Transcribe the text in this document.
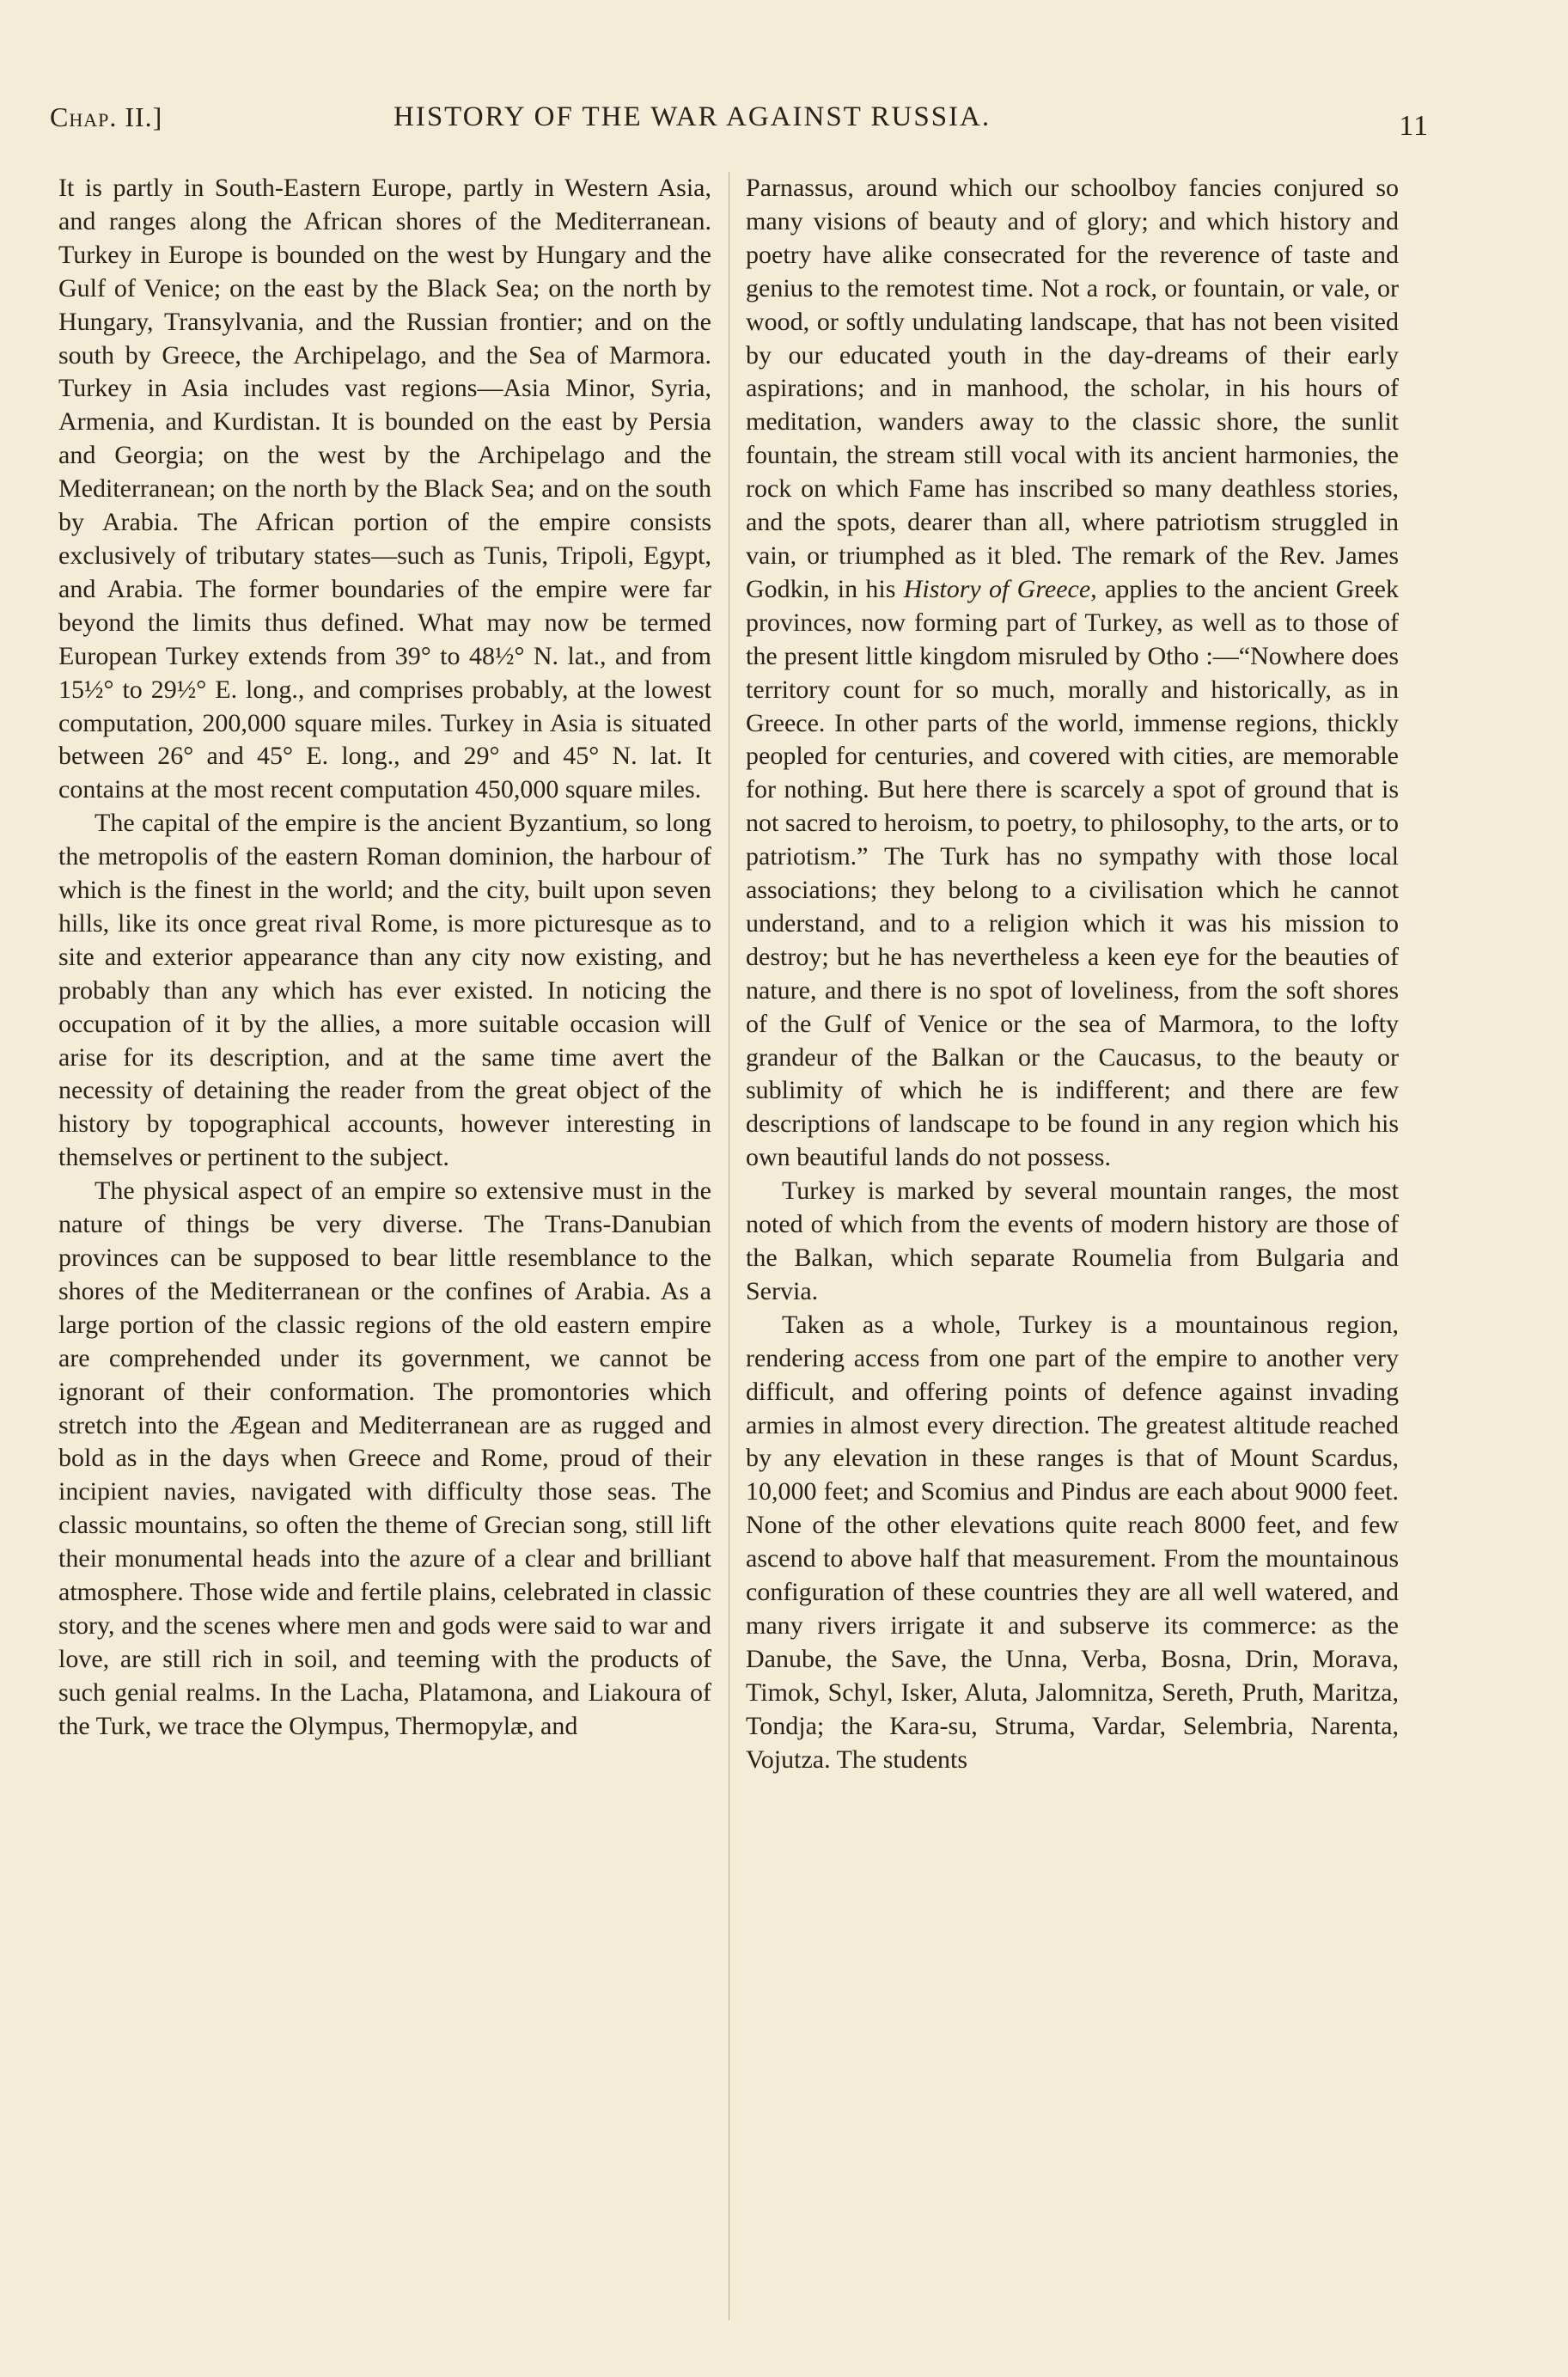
Chap. II.]	HISTORY OF THE WAR AGAINST RUSSIA.	11

It is partly in South-Eastern Europe, partly in Western Asia, and ranges along the African shores of the Mediterranean. Turkey in Europe is bounded on the west by Hungary and the Gulf of Venice; on the east by the Black Sea; on the north by Hungary, Transylvania, and the Russian frontier; and on the south by Greece, the Archipelago, and the Sea of Marmora. Turkey in Asia includes vast regions—Asia Minor, Syria, Armenia, and Kurdistan. It is bounded on the east by Persia and Georgia; on the west by the Archipelago and the Mediterranean; on the north by the Black Sea; and on the south by Arabia. The African portion of the empire consists exclusively of tributary states—such as Tunis, Tripoli, Egypt, and Arabia. The former boundaries of the empire were far beyond the limits thus defined. What may now be termed European Turkey extends from 39° to 48½° N. lat., and from 15½° to 29½° E. long., and comprises probably, at the lowest computation, 200,000 square miles. Turkey in Asia is situated between 26° and 45° E. long., and 29° and 45° N. lat. It contains at the most recent computation 450,000 square miles.

The capital of the empire is the ancient Byzantium, so long the metropolis of the eastern Roman dominion, the harbour of which is the finest in the world; and the city, built upon seven hills, like its once great rival Rome, is more picturesque as to site and exterior appearance than any city now existing, and probably than any which has ever existed. In noticing the occupation of it by the allies, a more suitable occasion will arise for its description, and at the same time avert the necessity of detaining the reader from the great object of the history by topographical accounts, however interesting in themselves or pertinent to the subject.

The physical aspect of an empire so extensive must in the nature of things be very diverse. The Trans-Danubian provinces can be supposed to bear little resemblance to the shores of the Mediterranean or the confines of Arabia. As a large portion of the classic regions of the old eastern empire are comprehended under its government, we cannot be ignorant of their conformation. The promontories which stretch into the Ægean and Mediterranean are as rugged and bold as in the days when Greece and Rome, proud of their incipient navies, navigated with difficulty those seas. The classic mountains, so often the theme of Grecian song, still lift their monumental heads into the azure of a clear and brilliant atmosphere. Those wide and fertile plains, celebrated in classic story, and the scenes where men and gods were said to war and love, are still rich in soil, and teeming with the products of such genial realms. In the Lacha, Platamona, and Liakoura of the Turk, we trace the Olympus, Thermopylæ, and

Parnassus, around which our schoolboy fancies conjured so many visions of beauty and of glory; and which history and poetry have alike consecrated for the reverence of taste and genius to the remotest time. Not a rock, or fountain, or vale, or wood, or softly undulating landscape, that has not been visited by our educated youth in the day-dreams of their early aspirations; and in manhood, the scholar, in his hours of meditation, wanders away to the classic shore, the sunlit fountain, the stream still vocal with its ancient harmonies, the rock on which Fame has inscribed so many deathless stories, and the spots, dearer than all, where patriotism struggled in vain, or triumphed as it bled. The remark of the Rev. James Godkin, in his History of Greece, applies to the ancient Greek provinces, now forming part of Turkey, as well as to those of the present little kingdom misruled by Otho :—“Nowhere does territory count for so much, morally and historically, as in Greece. In other parts of the world, immense regions, thickly peopled for centuries, and covered with cities, are memorable for nothing. But here there is scarcely a spot of ground that is not sacred to heroism, to poetry, to philosophy, to the arts, or to patriotism.” The Turk has no sympathy with those local associations; they belong to a civilisation which he cannot understand, and to a religion which it was his mission to destroy; but he has nevertheless a keen eye for the beauties of nature, and there is no spot of loveliness, from the soft shores of the Gulf of Venice or the sea of Marmora, to the lofty grandeur of the Balkan or the Caucasus, to the beauty or sublimity of which he is indifferent; and there are few descriptions of landscape to be found in any region which his own beautiful lands do not possess.

Turkey is marked by several mountain ranges, the most noted of which from the events of modern history are those of the Balkan, which separate Roumelia from Bulgaria and Servia.

Taken as a whole, Turkey is a mountainous region, rendering access from one part of the empire to another very difficult, and offering points of defence against invading armies in almost every direction. The greatest altitude reached by any elevation in these ranges is that of Mount Scardus, 10,000 feet; and Scomius and Pindus are each about 9000 feet. None of the other elevations quite reach 8000 feet, and few ascend to above half that measurement. From the mountainous configuration of these countries they are all well watered, and many rivers irrigate it and subserve its commerce: as the Danube, the Save, the Unna, Verba, Bosna, Drin, Morava, Timok, Schyl, Isker, Aluta, Jalomnitza, Sereth, Pruth, Maritza, Tondja; the Kara-su, Struma, Vardar, Selembria, Narenta, Vojutza. The students
